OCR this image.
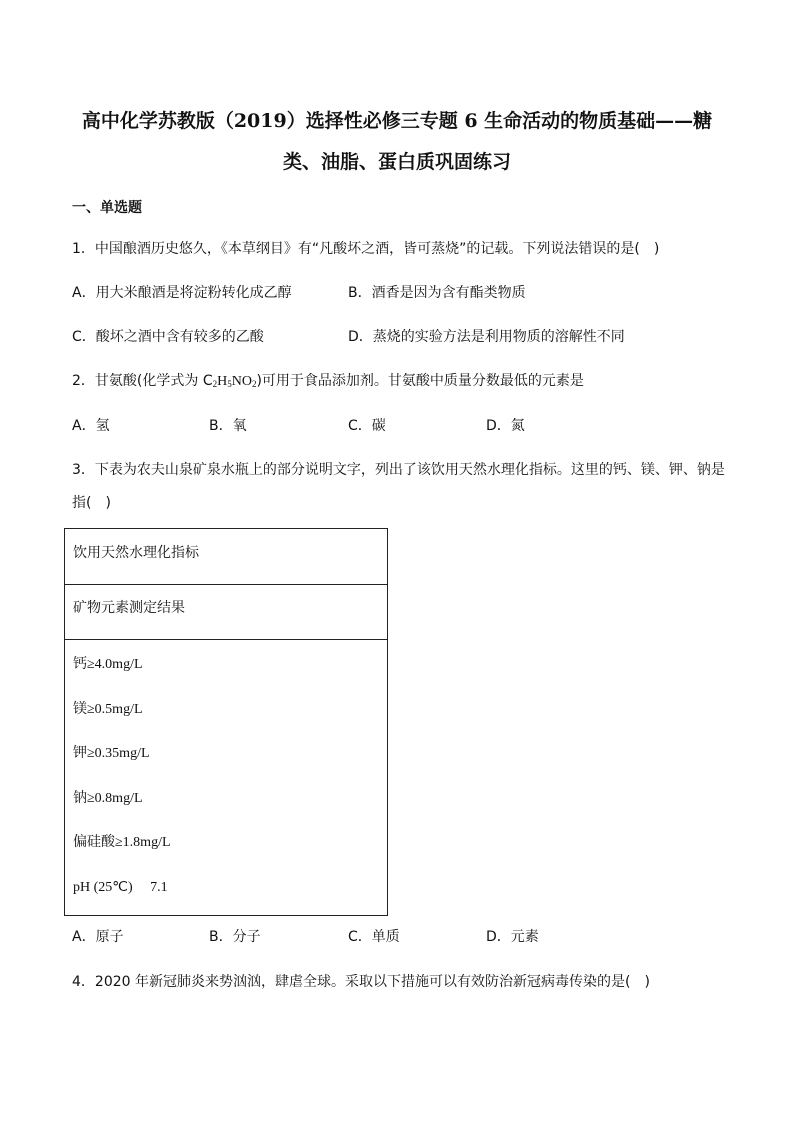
高中化学苏教版（2019）选择性必修三专题 6 生命活动的物质基础——糖
类、油脂、蛋白质巩固练习
一、单选题
1．中国酿酒历史悠久，《本草纲目》有“凡酸坏之酒，皆可蒸烧”的记载。下列说法错误的是(　)
A．用大米酿酒是将淀粉转化成乙醇	B．酒香是因为含有酯类物质
C．酸坏之酒中含有较多的乙酸	D．蒸烧的实验方法是利用物质的溶解性不同
2．甘氨酸(化学式为 $C_2H_5NO_2$)可用于食品添加剂。甘氨酸中质量分数最低的元素是
A．氢	B．氧	C．碳	D．氮
3．下表为农夫山泉矿泉水瓶上的部分说明文字，列出了该饮用天然水理化指标。这里的钙、镁、钾、钠是
指(　)
饮用天然水理化指标
矿物元素测定结果
钙≥4.0mg/L
镁≥0.5mg/L
钾≥0.35mg/L
钠≥0.8mg/L
偏硅酸≥1.8mg/L
pH (25℃)　 7.1
A．原子	B．分子	C．单质	D．元素
4．2020 年新冠肺炎来势汹汹，肆虐全球。采取以下措施可以有效防治新冠病毒传染的是(　)
